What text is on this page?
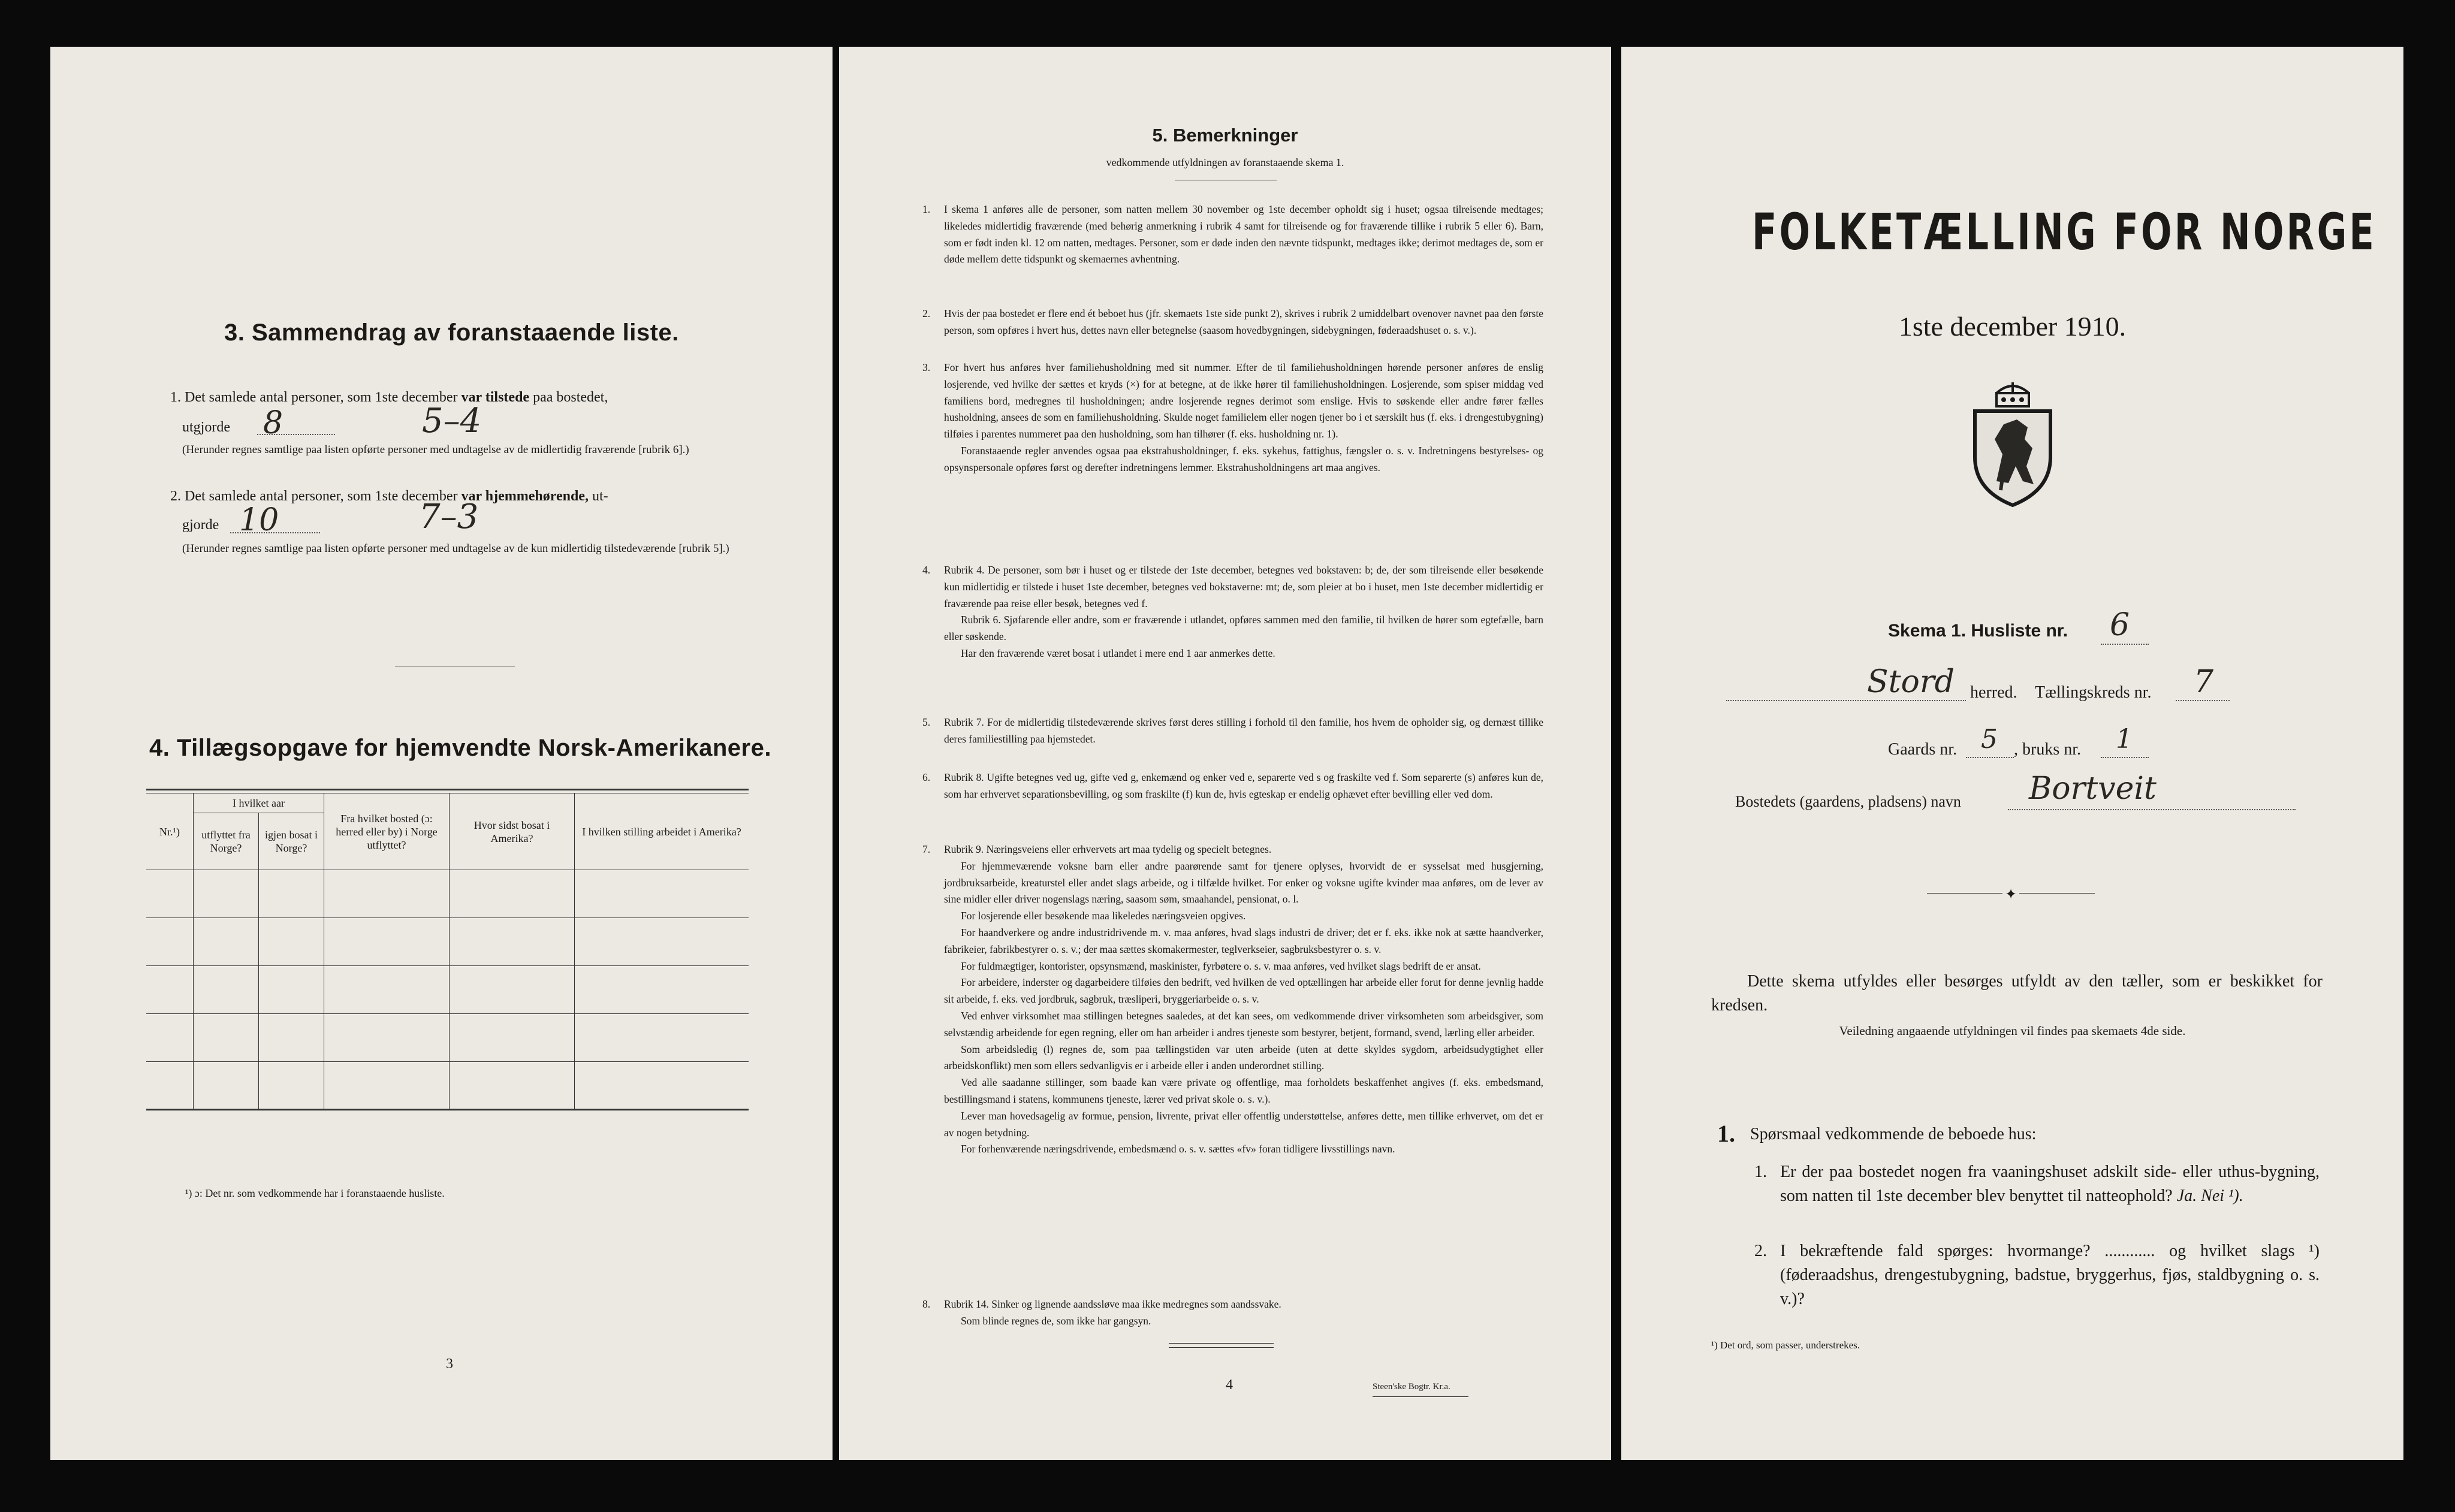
3. Sammendrag av foranstaaende liste.
1. Det samlede antal personer, som 1ste december var tilstede paa bostedet,
utgjorde 8	5–4
(Herunder regnes samtlige paa listen opførte personer med undtagelse av de midlertidig fraværende [rubrik 6].)
2. Det samlede antal personer, som 1ste december var hjemmehørende, ut-
gjorde 10	7–3
(Herunder regnes samtlige paa listen opførte personer med undtagelse av de kun midlertidig tilstedeværende [rubrik 5].)
4. Tillægsopgave for hjemvendte Norsk-Amerikanere.
Nr.¹)	I hvilket aar		Fra hvilket bosted (ɔ: herred eller by) i Norge utflyttet?	Hvor sidst bosat i Amerika?	I hvilken stilling arbeidet i Amerika?
	utflyttet fra Norge?	igjen bosat i Norge?			

¹) ɔ: Det nr. som vedkommende har i foranstaaende husliste.
3
5. Bemerkninger
vedkommende utfyldningen av foranstaaende skema 1.
1. I skema 1 anføres alle de personer, som natten mellem 30 november og 1ste december opholdt sig i huset; ogsaa tilreisende medtages; likeledes midlertidig fraværende (med behørig anmerkning i rubrik 4 samt for tilreisende og for fraværende tillike i rubrik 5 eller 6). Barn, som er født inden kl. 12 om natten, medtages. Personer, som er døde inden den nævnte tidspunkt, medtages ikke; derimot medtages de, som er døde mellem dette tidspunkt og skemaernes avhentning.

2. Hvis der paa bostedet er flere end ét beboet hus (jfr. skemaets 1ste side punkt 2), skrives i rubrik 2 umiddelbart ovenover navnet paa den første person, som opføres i hvert hus, dettes navn eller betegnelse (saasom hovedbygningen, sidebygningen, føderaadshuset o. s. v.).

3. For hvert hus anføres hver familiehusholdning med sit nummer. Efter de til familiehusholdningen hørende personer anføres de enslig losjerende, ved hvilke der sættes et kryds (×) for at betegne, at de ikke hører til familiehusholdningen. Losjerende, som spiser middag ved familiens bord, medregnes til husholdningen; andre losjerende regnes derimot som enslige. Hvis to søskende eller andre fører fælles husholdning, ansees de som en familiehusholdning. Skulde noget familielem eller nogen tjener bo i et særskilt hus (f. eks. i drengestubygning) tilføies i parentes nummeret paa den husholdning, som han tilhører (f. eks. husholdning nr. 1).

Foranstaaende regler anvendes ogsaa paa ekstrahusholdninger, f. eks. sykehus, fattighus, fængsler o. s. v. Indretningens bestyrelses- og opsynspersonale opføres først og derefter indretningens lemmer. Ekstrahusholdningens art maa angives.

4. Rubrik 4. De personer, som bør i huset og er tilstede der 1ste december, betegnes ved bokstaven: b; de, der som tilreisende eller besøkende kun midlertidig er tilstede i huset 1ste december, betegnes ved bokstaverne: mt; de, som pleier at bo i huset, men 1ste december midlertidig er fraværende paa reise eller besøk, betegnes ved f.

Rubrik 6. Sjøfarende eller andre, som er fraværende i utlandet, opføres sammen med den familie, til hvilken de hører som egtefælle, barn eller søskende.

Har den fraværende været bosat i utlandet i mere end 1 aar anmerkes dette.

5. Rubrik 7. For de midlertidig tilstedeværende skrives først deres stilling i forhold til den familie, hos hvem de opholder sig, og dernæst tillike deres familiestilling paa hjemstedet.

6. Rubrik 8. Ugifte betegnes ved ug, gifte ved g, enkemænd og enker ved e, separerte ved s og fraskilte ved f. Som separerte (s) anføres kun de, som har erhvervet separationsbevilling, og som fraskilte (f) kun de, hvis egteskap er endelig ophævet efter bevilling eller ved dom.

7. Rubrik 9. Næringsveiens eller erhvervets art maa tydelig og specielt betegnes.

For hjemmeværende voksne barn eller andre paarørende samt for tjenere oplyses, hvorvidt de er sysselsat med husgjerning, jordbruksarbeide, kreaturstel eller andet slags arbeide, og i tilfælde hvilket. For enker og voksne ugifte kvinder maa anføres, om de lever av sine midler eller driver nogenslags næring, saasom søm, smaahandel, pensionat, o. l.

For losjerende eller besøkende maa likeledes næringsveien opgives.

For haandverkere og andre industridrivende m. v. maa anføres, hvad slags industri de driver; det er f. eks. ikke nok at sætte haandverker, fabrikeier, fabrikbestyrer o. s. v.; der maa sættes skomakermester, teglverkseier, sagbruksbestyrer o. s. v.

For fuldmægtiger, kontorister, opsynsmænd, maskinister, fyrbøtere o. s. v. maa anføres, ved hvilket slags bedrift de er ansat.

For arbeidere, inderster og dagarbeidere tilføies den bedrift, ved hvilken de ved optællingen har arbeide eller forut for denne jevnlig hadde sit arbeide, f. eks. ved jordbruk, sagbruk, træsliperi, bryggeriarbeide o. s. v.

Ved enhver virksomhet maa stillingen betegnes saaledes, at det kan sees, om vedkommende driver virksomheten som arbeidsgiver, som selvstændig arbeidende for egen regning, eller om han arbeider i andres tjeneste som bestyrer, betjent, formand, svend, lærling eller arbeider.

Som arbeidsledig (l) regnes de, som paa tællingstiden var uten arbeide (uten at dette skyldes sygdom, arbeidsudygtighet eller arbeidskonflikt) men som ellers sedvanligvis er i arbeide eller i anden underordnet stilling.

Ved alle saadanne stillinger, som baade kan være private og offentlige, maa forholdets beskaffenhet angives (f. eks. embedsmand, bestillingsmand i statens, kommunens tjeneste, lærer ved privat skole o. s. v.).

Lever man hovedsagelig av formue, pension, livrente, privat eller offentlig understøttelse, anføres dette, men tillike erhvervet, om det er av nogen betydning.

For forhenværende næringsdrivende, embedsmænd o. s. v. sættes «fv» foran tidligere livsstillings navn.

8. Rubrik 14. Sinker og lignende aandssløve maa ikke medregnes som aandssvake.

Som blinde regnes de, som ikke har gangsyn.

4	Steen'ske Bogtr. Kr.a.
FOLKETÆLLING FOR NORGE
1ste december 1910.
Skema 1. Husliste nr. 6
Stord herred. Tællingskreds nr. 7
Gaards nr. 5 , bruks nr. 1
Bostedets (gaardens, pladsens) navn Bortveit
✦
Dette skema utfyldes eller besørges utfyldt av den tæller, som er beskikket for kredsen.
Veiledning angaaende utfyldningen vil findes paa skemaets 4de side.
1. Spørsmaal vedkommende de beboede hus:
1. Er der paa bostedet nogen fra vaaningshuset adskilt side- eller uthus-bygning, som natten til 1ste december blev benyttet til natteophold? Ja. Nei ¹).
2. I bekræftende fald spørges: hvormange? ............ og hvilket slags ¹) (føderaadshus, drengestubygning, badstue, bryggerhus, fjøs, staldbygning o. s. v.)?
¹) Det ord, som passer, understrekes.
